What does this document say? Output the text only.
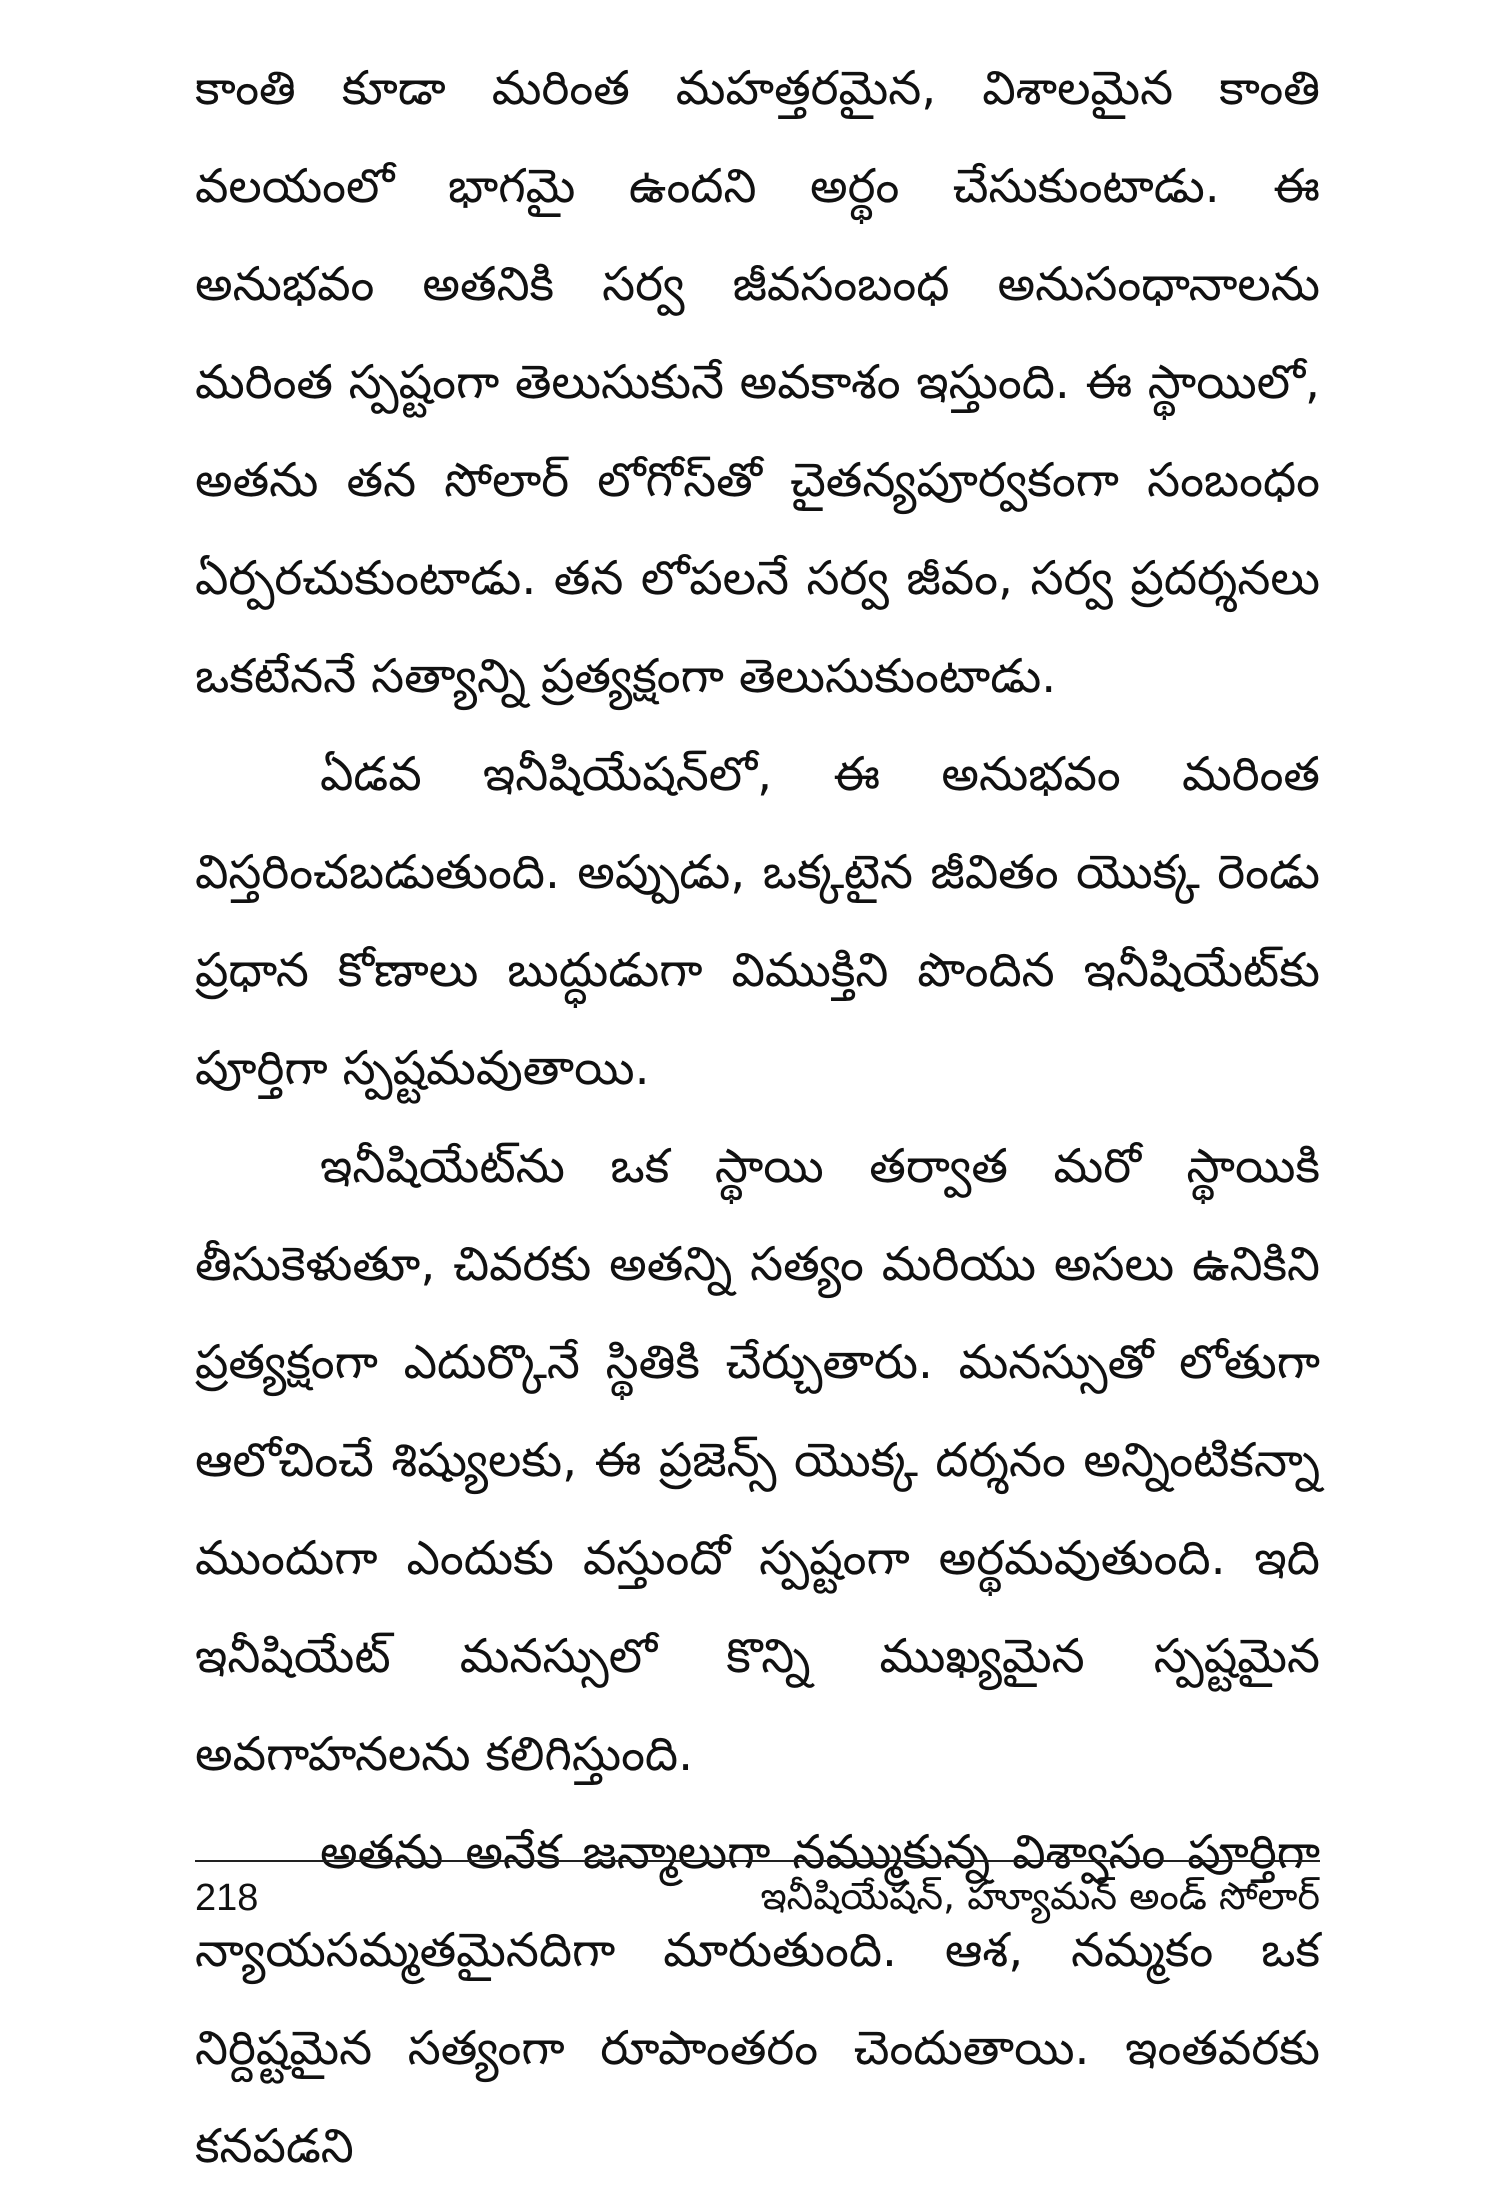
కాంతి కూడా మరింత మహత్తరమైన, విశాలమైన కాంతి వలయంలో భాగమై ఉందని అర్థం చేసుకుంటాడు. ఈ అనుభవం అతనికి సర్వ జీవసంబంధ అనుసంధానాలను మరింత స్పష్టంగా తెలుసుకునే అవకాశం ఇస్తుంది. ఈ స్థాయిలో, అతను తన సోలార్ లోగోస్‌తో చైతన్యపూర్వకంగా సంబంధం ఏర్పరచుకుంటాడు. తన లోపలనే సర్వ జీవం, సర్వ ప్రదర్శనలు ఒకటేననే సత్యాన్ని ప్రత్యక్షంగా తెలుసుకుంటాడు.

ఏడవ ఇనీషియేషన్‌లో, ఈ అనుభవం మరింత విస్తరించబడుతుంది. అప్పుడు, ఒక్కటైన జీవితం యొక్క రెండు ప్రధాన కోణాలు బుద్ధుడుగా విముక్తిని పొందిన ఇనీషియేట్‌కు పూర్తిగా స్పష్టమవుతాయి.

ఇనీషియేట్‌ను ఒక స్థాయి తర్వాత మరో స్థాయికి తీసుకెళుతూ, చివరకు అతన్ని సత్యం మరియు అసలు ఉనికిని ప్రత్యక్షంగా ఎదుర్కొనే స్థితికి చేర్చుతారు. మనస్సుతో లోతుగా ఆలోచించే శిష్యులకు, ఈ ప్రజెన్స్ యొక్క దర్శనం అన్నింటికన్నా ముందుగా ఎందుకు వస్తుందో స్పష్టంగా అర్థమవుతుంది. ఇది ఇనీషియేట్ మనస్సులో కొన్ని ముఖ్యమైన స్పష్టమైన అవగాహనలను కలిగిస్తుంది.

అతను అనేక జన్మాలుగా నమ్ముకున్న విశ్వాసం పూర్తిగా న్యాయసమ్మతమైనదిగా మారుతుంది. ఆశ, నమ్మకం ఒక నిర్దిష్టమైన సత్యంగా రూపాంతరం చెందుతాయి. ఇంతవరకు కనపడని

218	ఇనీషియేషన్, హ్యూమన్ అండ్ సోలార్
